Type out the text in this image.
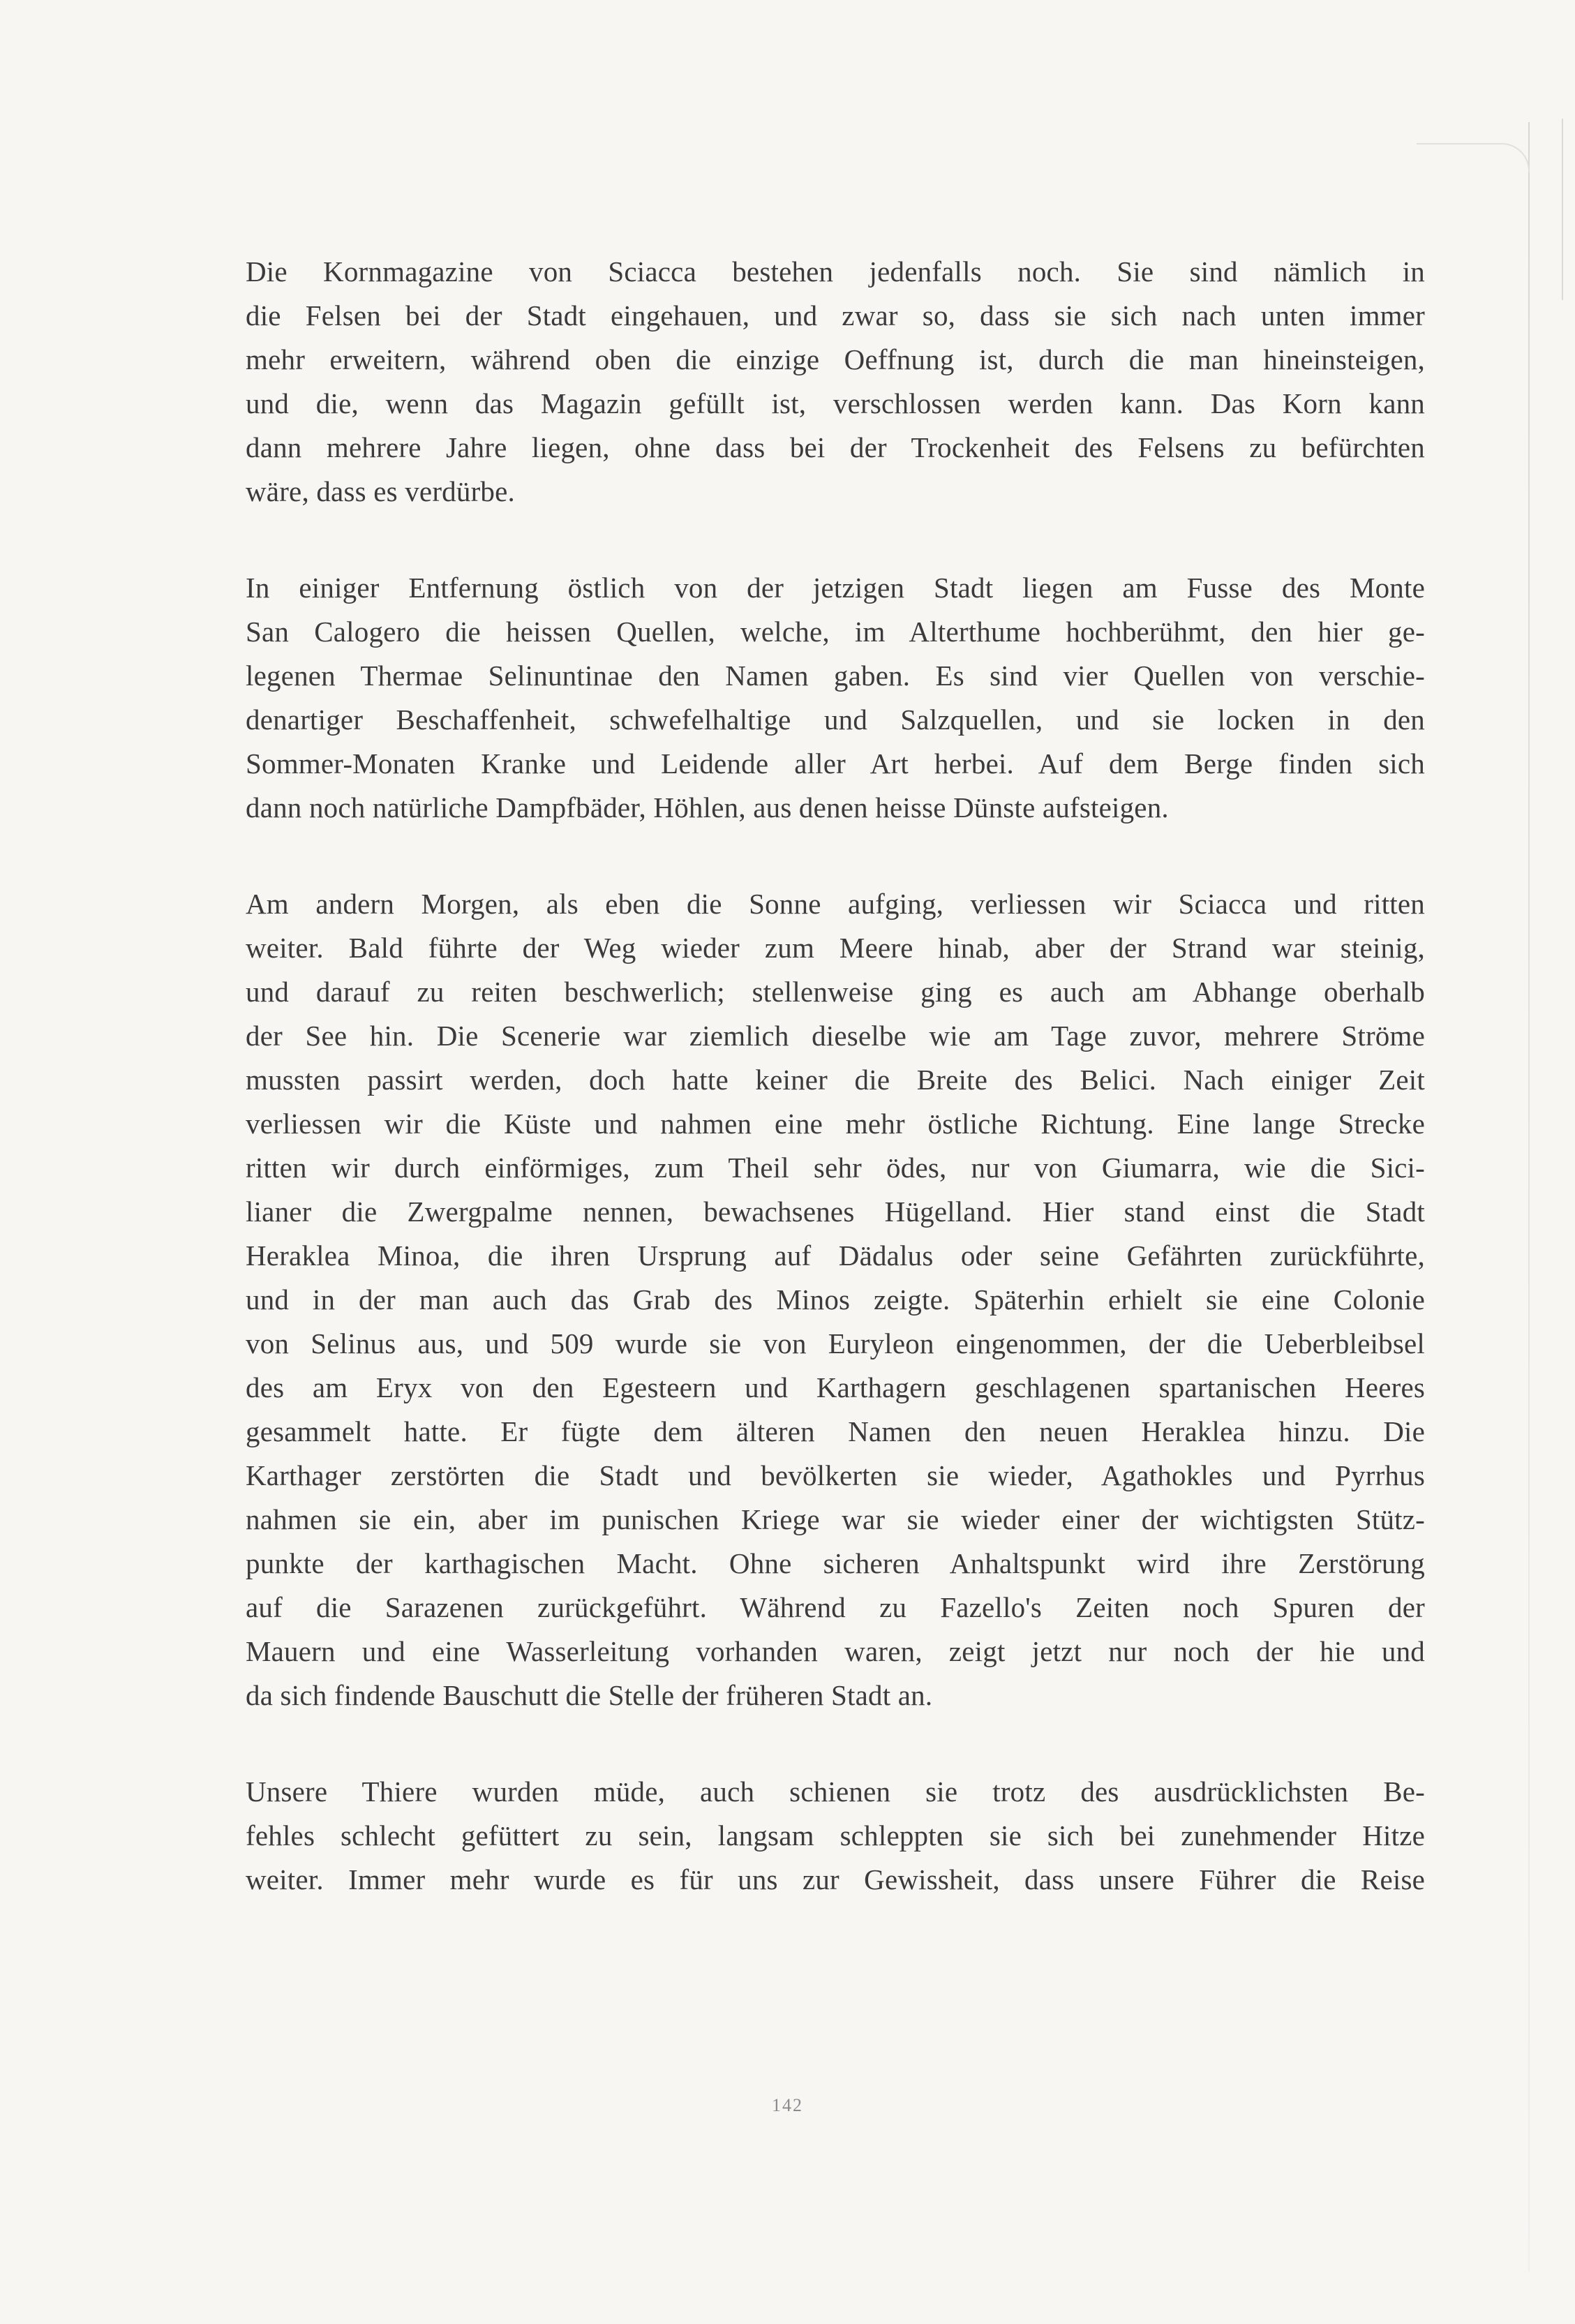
Die Kornmagazine von Sciacca bestehen jedenfalls noch. Sie sind nämlich in
die Felsen bei der Stadt eingehauen, und zwar so, dass sie sich nach unten immer
mehr erweitern, während oben die einzige Oeffnung ist, durch die man hineinsteigen,
und die, wenn das Magazin gefüllt ist, verschlossen werden kann. Das Korn kann
dann mehrere Jahre liegen, ohne dass bei der Trockenheit des Felsens zu befürchten
wäre, dass es verdürbe.
In einiger Entfernung östlich von der jetzigen Stadt liegen am Fusse des Monte
San Calogero die heissen Quellen, welche, im Alterthume hochberühmt, den hier ge-
legenen Thermae Selinuntinae den Namen gaben. Es sind vier Quellen von verschie-
denartiger Beschaffenheit, schwefelhaltige und Salzquellen, und sie locken in den
Sommer-Monaten Kranke und Leidende aller Art herbei. Auf dem Berge finden sich
dann noch natürliche Dampfbäder, Höhlen, aus denen heisse Dünste aufsteigen.
Am andern Morgen, als eben die Sonne aufging, verliessen wir Sciacca und ritten
weiter. Bald führte der Weg wieder zum Meere hinab, aber der Strand war steinig,
und darauf zu reiten beschwerlich; stellenweise ging es auch am Abhange oberhalb
der See hin. Die Scenerie war ziemlich dieselbe wie am Tage zuvor, mehrere Ströme
mussten passirt werden, doch hatte keiner die Breite des Belici. Nach einiger Zeit
verliessen wir die Küste und nahmen eine mehr östliche Richtung. Eine lange Strecke
ritten wir durch einförmiges, zum Theil sehr ödes, nur von Giumarra, wie die Sici-
lianer die Zwergpalme nennen, bewachsenes Hügelland. Hier stand einst die Stadt
Heraklea Minoa, die ihren Ursprung auf Dädalus oder seine Gefährten zurückführte,
und in der man auch das Grab des Minos zeigte. Späterhin erhielt sie eine Colonie
von Selinus aus, und 509 wurde sie von Euryleon eingenommen, der die Ueberbleibsel
des am Eryx von den Egesteern und Karthagern geschlagenen spartanischen Heeres
gesammelt hatte. Er fügte dem älteren Namen den neuen Heraklea hinzu. Die
Karthager zerstörten die Stadt und bevölkerten sie wieder, Agathokles und Pyrrhus
nahmen sie ein, aber im punischen Kriege war sie wieder einer der wichtigsten Stütz-
punkte der karthagischen Macht. Ohne sicheren Anhaltspunkt wird ihre Zerstörung
auf die Sarazenen zurückgeführt. Während zu Fazello's Zeiten noch Spuren der
Mauern und eine Wasserleitung vorhanden waren, zeigt jetzt nur noch der hie und
da sich findende Bauschutt die Stelle der früheren Stadt an.
Unsere Thiere wurden müde, auch schienen sie trotz des ausdrücklichsten Be-
fehles schlecht gefüttert zu sein, langsam schleppten sie sich bei zunehmender Hitze
weiter. Immer mehr wurde es für uns zur Gewissheit, dass unsere Führer die Reise
142
